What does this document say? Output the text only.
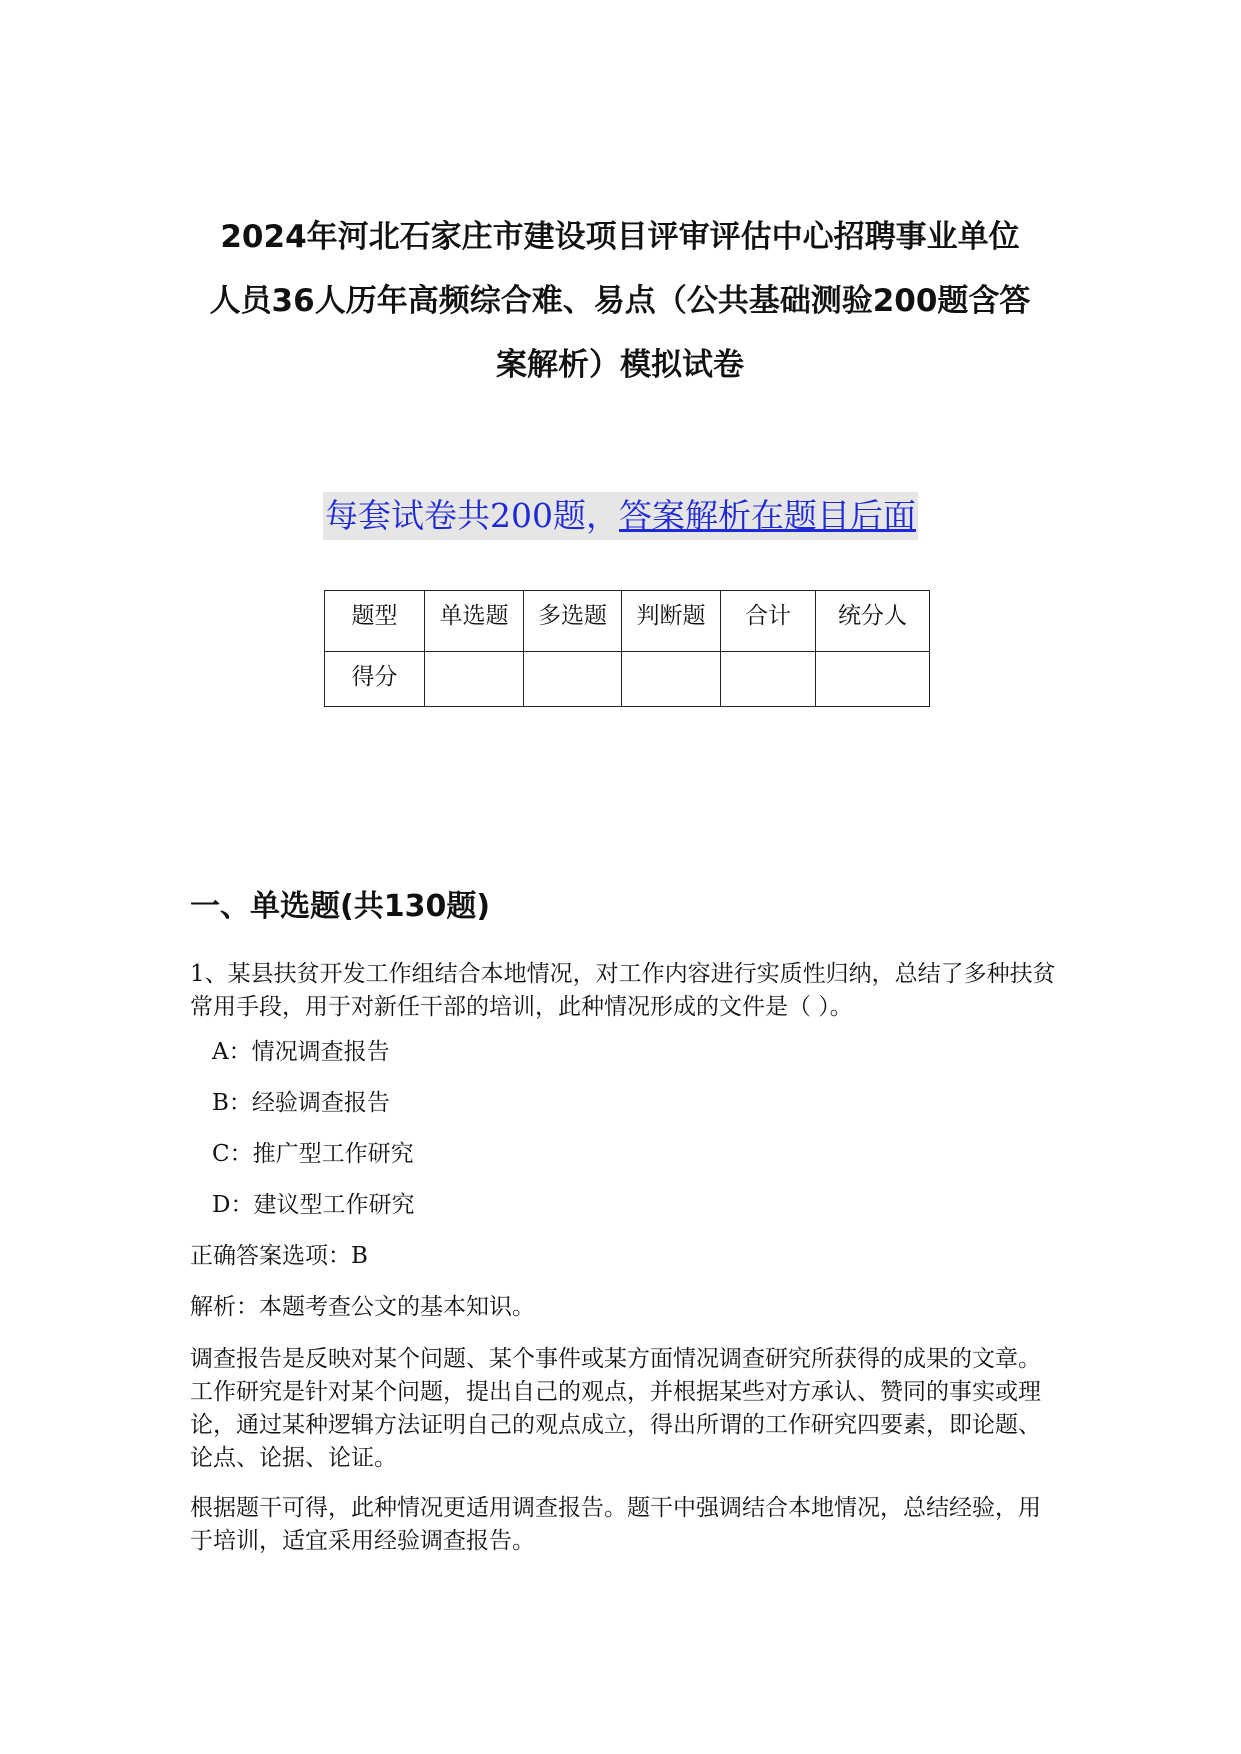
2024年河北石家庄市建设项目评审评估中心招聘事业单位
人员36人历年高频综合难、易点（公共基础测验200题含答
案解析）模拟试卷
每套试卷共200题，答案解析在题目后面
题型	单选题	多选题	判断题	合计	统分人
得分					
一、单选题(共130题)

1、某县扶贫开发工作组结合本地情况，对工作内容进行实质性归纳，总结了多种扶贫常用手段，用于对新任干部的培训，此种情况形成的文件是（ ）。

A：情况调查报告

B：经验调查报告

C：推广型工作研究

D：建议型工作研究

正确答案选项：B

解析：本题考查公文的基本知识。

调查报告是反映对某个问题、某个事件或某方面情况调查研究所获得的成果的文章。工作研究是针对某个问题，提出自己的观点，并根据某些对方承认、赞同的事实或理论，通过某种逻辑方法证明自己的观点成立，得出所谓的工作研究四要素，即论题、论点、论据、论证。

根据题干可得，此种情况更适用调查报告。题干中强调结合本地情况，总结经验，用于培训，适宜采用经验调查报告。
